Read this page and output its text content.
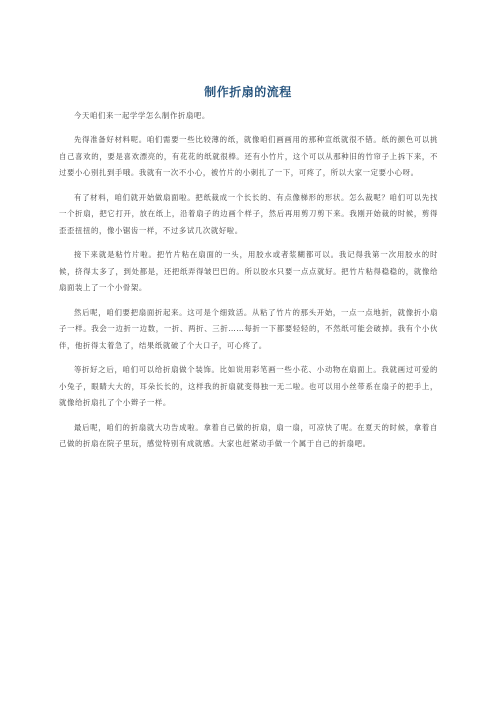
制作折扇的流程

今天咱们来一起学学怎么制作折扇吧。

先得准备好材料呢。咱们需要一些比较薄的纸，就像咱们画画用的那种宣纸就很不错。纸的颜色可以挑自己喜欢的，要是喜欢漂亮的，有花花的纸就很棒。还有小竹片，这个可以从那种旧的竹帘子上拆下来，不过要小心别扎到手哦。我就有一次不小心，被竹片的小刺扎了一下，可疼了，所以大家一定要小心呀。

有了材料，咱们就开始做扇面啦。把纸裁成一个长长的、有点像梯形的形状。怎么裁呢？咱们可以先找一个折扇，把它打开，放在纸上，沿着扇子的边画个样子，然后再用剪刀剪下来。我刚开始裁的时候，剪得歪歪扭扭的，像小锯齿一样，不过多试几次就好啦。

接下来就是粘竹片啦。把竹片粘在扇面的一头，用胶水或者浆糊都可以。我记得我第一次用胶水的时候，挤得太多了，到处都是，还把纸弄得皱巴巴的。所以胶水只要一点点就好。把竹片粘得稳稳的，就像给扇面装上了一个小骨架。

然后呢，咱们要把扇面折起来。这可是个细致活。从粘了竹片的那头开始，一点一点地折，就像折小扇子一样。我会一边折一边数，一折、两折、三折……每折一下都要轻轻的，不然纸可能会破掉。我有个小伙伴，他折得太着急了，结果纸就破了个大口子，可心疼了。

等折好之后，咱们可以给折扇做个装饰。比如说用彩笔画一些小花、小动物在扇面上。我就画过可爱的小兔子，眼睛大大的，耳朵长长的，这样我的折扇就变得独一无二啦。也可以用小丝带系在扇子的把手上，就像给折扇扎了个小辫子一样。

最后呢，咱们的折扇就大功告成啦。拿着自己做的折扇，扇一扇，可凉快了呢。在夏天的时候，拿着自己做的折扇在院子里玩，感觉特别有成就感。大家也赶紧动手做一个属于自己的折扇吧。
